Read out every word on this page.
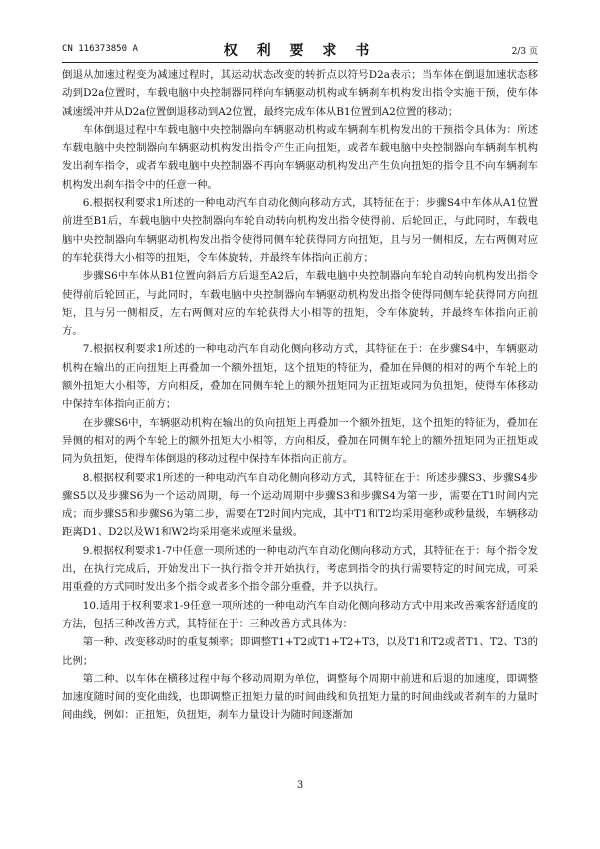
CN 116373850 A	权 利 要 求 书	2/3 页

倒退从加速过程变为减速过程时，其运动状态改变的转折点以符号D2a表示；当车体在倒退加速状态移动到D2a位置时，车载电脑中央控制器同样向车辆驱动机构或车辆刹车机构发出指令实施干预，使车体减速缓冲并从D2a位置倒退移动到A2位置，最终完成车体从B1位置到A2位置的移动；

车体倒退过程中车载电脑中央控制器向车辆驱动机构或车辆刹车机构发出的干预指令具体为：所述车载电脑中央控制器向车辆驱动机构发出指令产生正向扭矩，或者车载电脑中央控制器向车辆刹车机构发出刹车指令，或者车载电脑中央控制器不再向车辆驱动机构发出产生负向扭矩的指令且不向车辆刹车机构发出刹车指令中的任意一种。

6.根据权利要求1所述的一种电动汽车自动化侧向移动方式，其特征在于：步骤S4中车体从A1位置前进至B1后，车载电脑中央控制器向车轮自动转向机构发出指令使得前、后轮回正，与此同时，车载电脑中央控制器向车辆驱动机构发出指令使得同侧车轮获得同方向扭矩，且与另一侧相反，左右两侧对应的车轮获得大小相等的扭矩，令车体旋转，并最终车体指向正前方；

步骤S6中车体从B1位置向斜后方后退至A2后，车载电脑中央控制器向车轮自动转向机构发出指令使得前后轮回正，与此同时，车载电脑中央控制器向车辆驱动机构发出指令使得同侧车轮获得同方向扭矩，且与另一侧相反，左右两侧对应的车轮获得大小相等的扭矩，令车体旋转，并最终车体指向正前方。

7.根据权利要求1所述的一种电动汽车自动化侧向移动方式，其特征在于：在步骤S4中，车辆驱动机构在输出的正向扭矩上再叠加一个额外扭矩，这个扭矩的特征为，叠加在异侧的相对的两个车轮上的额外扭矩大小相等，方向相反，叠加在同侧车轮上的额外扭矩同为正扭矩或同为负扭矩，使得车体移动中保持车体指向正前方；

在步骤S6中，车辆驱动机构在输出的负向扭矩上再叠加一个额外扭矩，这个扭矩的特征为，叠加在异侧的相对的两个车轮上的额外扭矩大小相等，方向相反，叠加在同侧车轮上的额外扭矩同为正扭矩或同为负扭矩，使得车体倒退的移动过程中保持车体指向正前方。

8.根据权利要求1所述的一种电动汽车自动化侧向移动方式，其特征在于：所述步骤S3、步骤S4步骤S5以及步骤S6为一个运动周期，每一个运动周期中步骤S3和步骤S4为第一步，需要在T1时间内完成；而步骤S5和步骤S6为第二步，需要在T2时间内完成，其中T1和T2均采用毫秒或秒量级，车辆移动距离D1、D2以及W1和W2均采用毫米或厘米量级。

9.根据权利要求1-7中任意一项所述的一种电动汽车自动化侧向移动方式，其特征在于：每个指令发出，在执行完成后，开始发出下一执行指令并开始执行，考虑到指令的执行需要特定的时间完成，可采用重叠的方式同时发出多个指令或者多个指令部分重叠，并予以执行。

10.适用于权利要求1-9任意一项所述的一种电动汽车自动化侧向移动方式中用来改善乘客舒适度的方法，包括三种改善方式，其特征在于：三种改善方式具体为：

第一种、改变移动时的重复频率；即调整T1+T2或T1+T2+T3，以及T1和T2或者T1、T2、T3的比例；

第二种、以车体在横移过程中每个移动周期为单位，调整每个周期中前进和后退的加速度，即调整加速度随时间的变化曲线，也即调整正扭矩力量的时间曲线和负扭矩力量的时间曲线或者刹车的力量时间曲线，例如：正扭矩，负扭矩，刹车力量设计为随时间逐渐加

3
